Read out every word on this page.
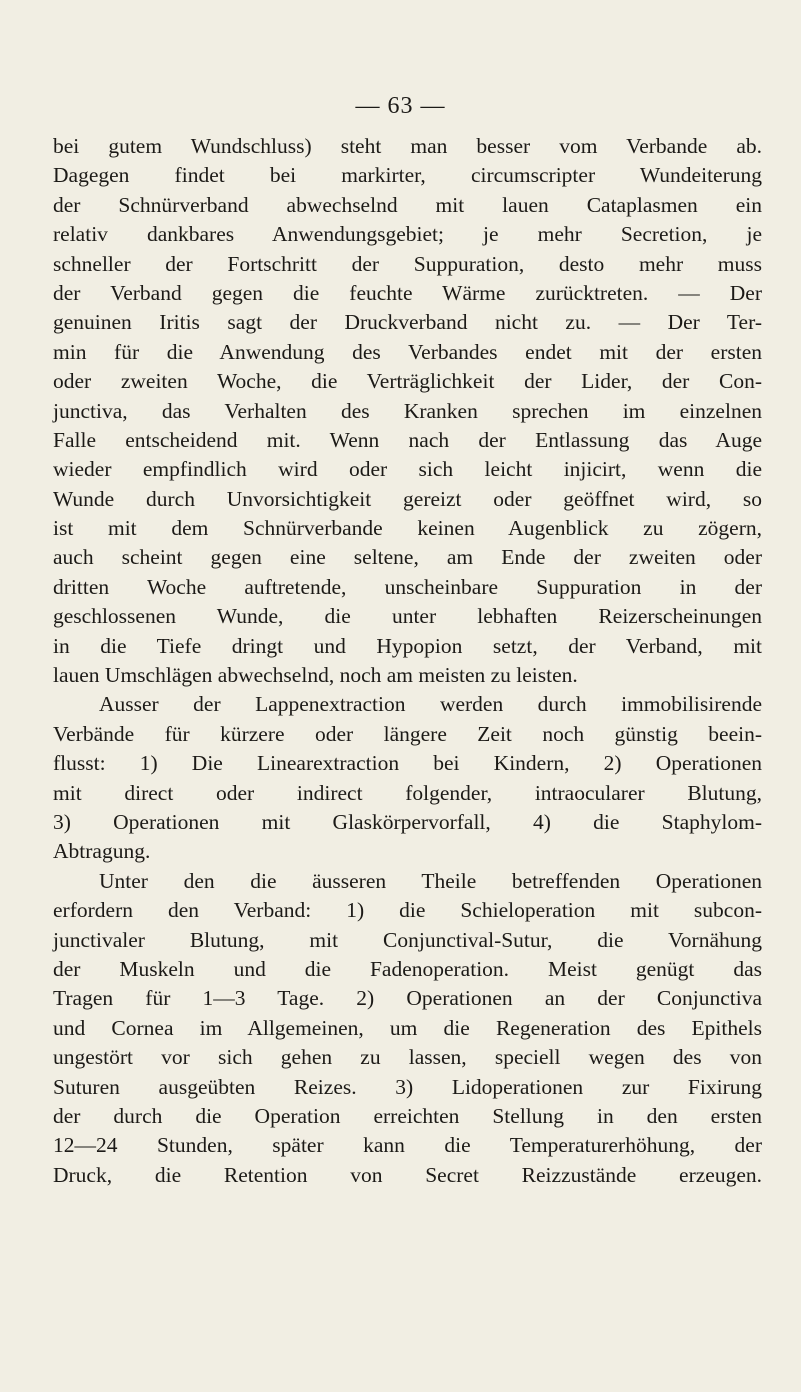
— 63 —
bei gutem Wundschluss) steht man besser vom Verbande ab.
Dagegen findet bei markirter, circumscripter Wundeiterung
der Schnürverband abwechselnd mit lauen Cataplasmen ein
relativ dankbares Anwendungsgebiet; je mehr Secretion, je
schneller der Fortschritt der Suppuration, desto mehr muss
der Verband gegen die feuchte Wärme zurücktreten. — Der
genuinen Iritis sagt der Druckverband nicht zu. — Der Ter-
min für die Anwendung des Verbandes endet mit der ersten
oder zweiten Woche, die Verträglichkeit der Lider, der Con-
junctiva, das Verhalten des Kranken sprechen im einzelnen
Falle entscheidend mit. Wenn nach der Entlassung das Auge
wieder empfindlich wird oder sich leicht injicirt, wenn die
Wunde durch Unvorsichtigkeit gereizt oder geöffnet wird, so
ist mit dem Schnürverbande keinen Augenblick zu zögern,
auch scheint gegen eine seltene, am Ende der zweiten oder
dritten Woche auftretende, unscheinbare Suppuration in der
geschlossenen Wunde, die unter lebhaften Reizerscheinungen
in die Tiefe dringt und Hypopion setzt, der Verband, mit
lauen Umschlägen abwechselnd, noch am meisten zu leisten.
Ausser der Lappenextraction werden durch immobilisirende
Verbände für kürzere oder längere Zeit noch günstig beein-
flusst: 1) Die Linearextraction bei Kindern, 2) Operationen
mit direct oder indirect folgender, intraocularer Blutung,
3) Operationen mit Glaskörpervorfall, 4) die Staphylom-
Abtragung.
Unter den die äusseren Theile betreffenden Operationen
erfordern den Verband: 1) die Schieloperation mit subcon-
junctivaler Blutung, mit Conjunctival-Sutur, die Vornähung
der Muskeln und die Fadenoperation. Meist genügt das
Tragen für 1—3 Tage. 2) Operationen an der Conjunctiva
und Cornea im Allgemeinen, um die Regeneration des Epithels
ungestört vor sich gehen zu lassen, speciell wegen des von
Suturen ausgeübten Reizes. 3) Lidoperationen zur Fixirung
der durch die Operation erreichten Stellung in den ersten
12—24 Stunden, später kann die Temperaturerhöhung, der
Druck, die Retention von Secret Reizzustände erzeugen.
